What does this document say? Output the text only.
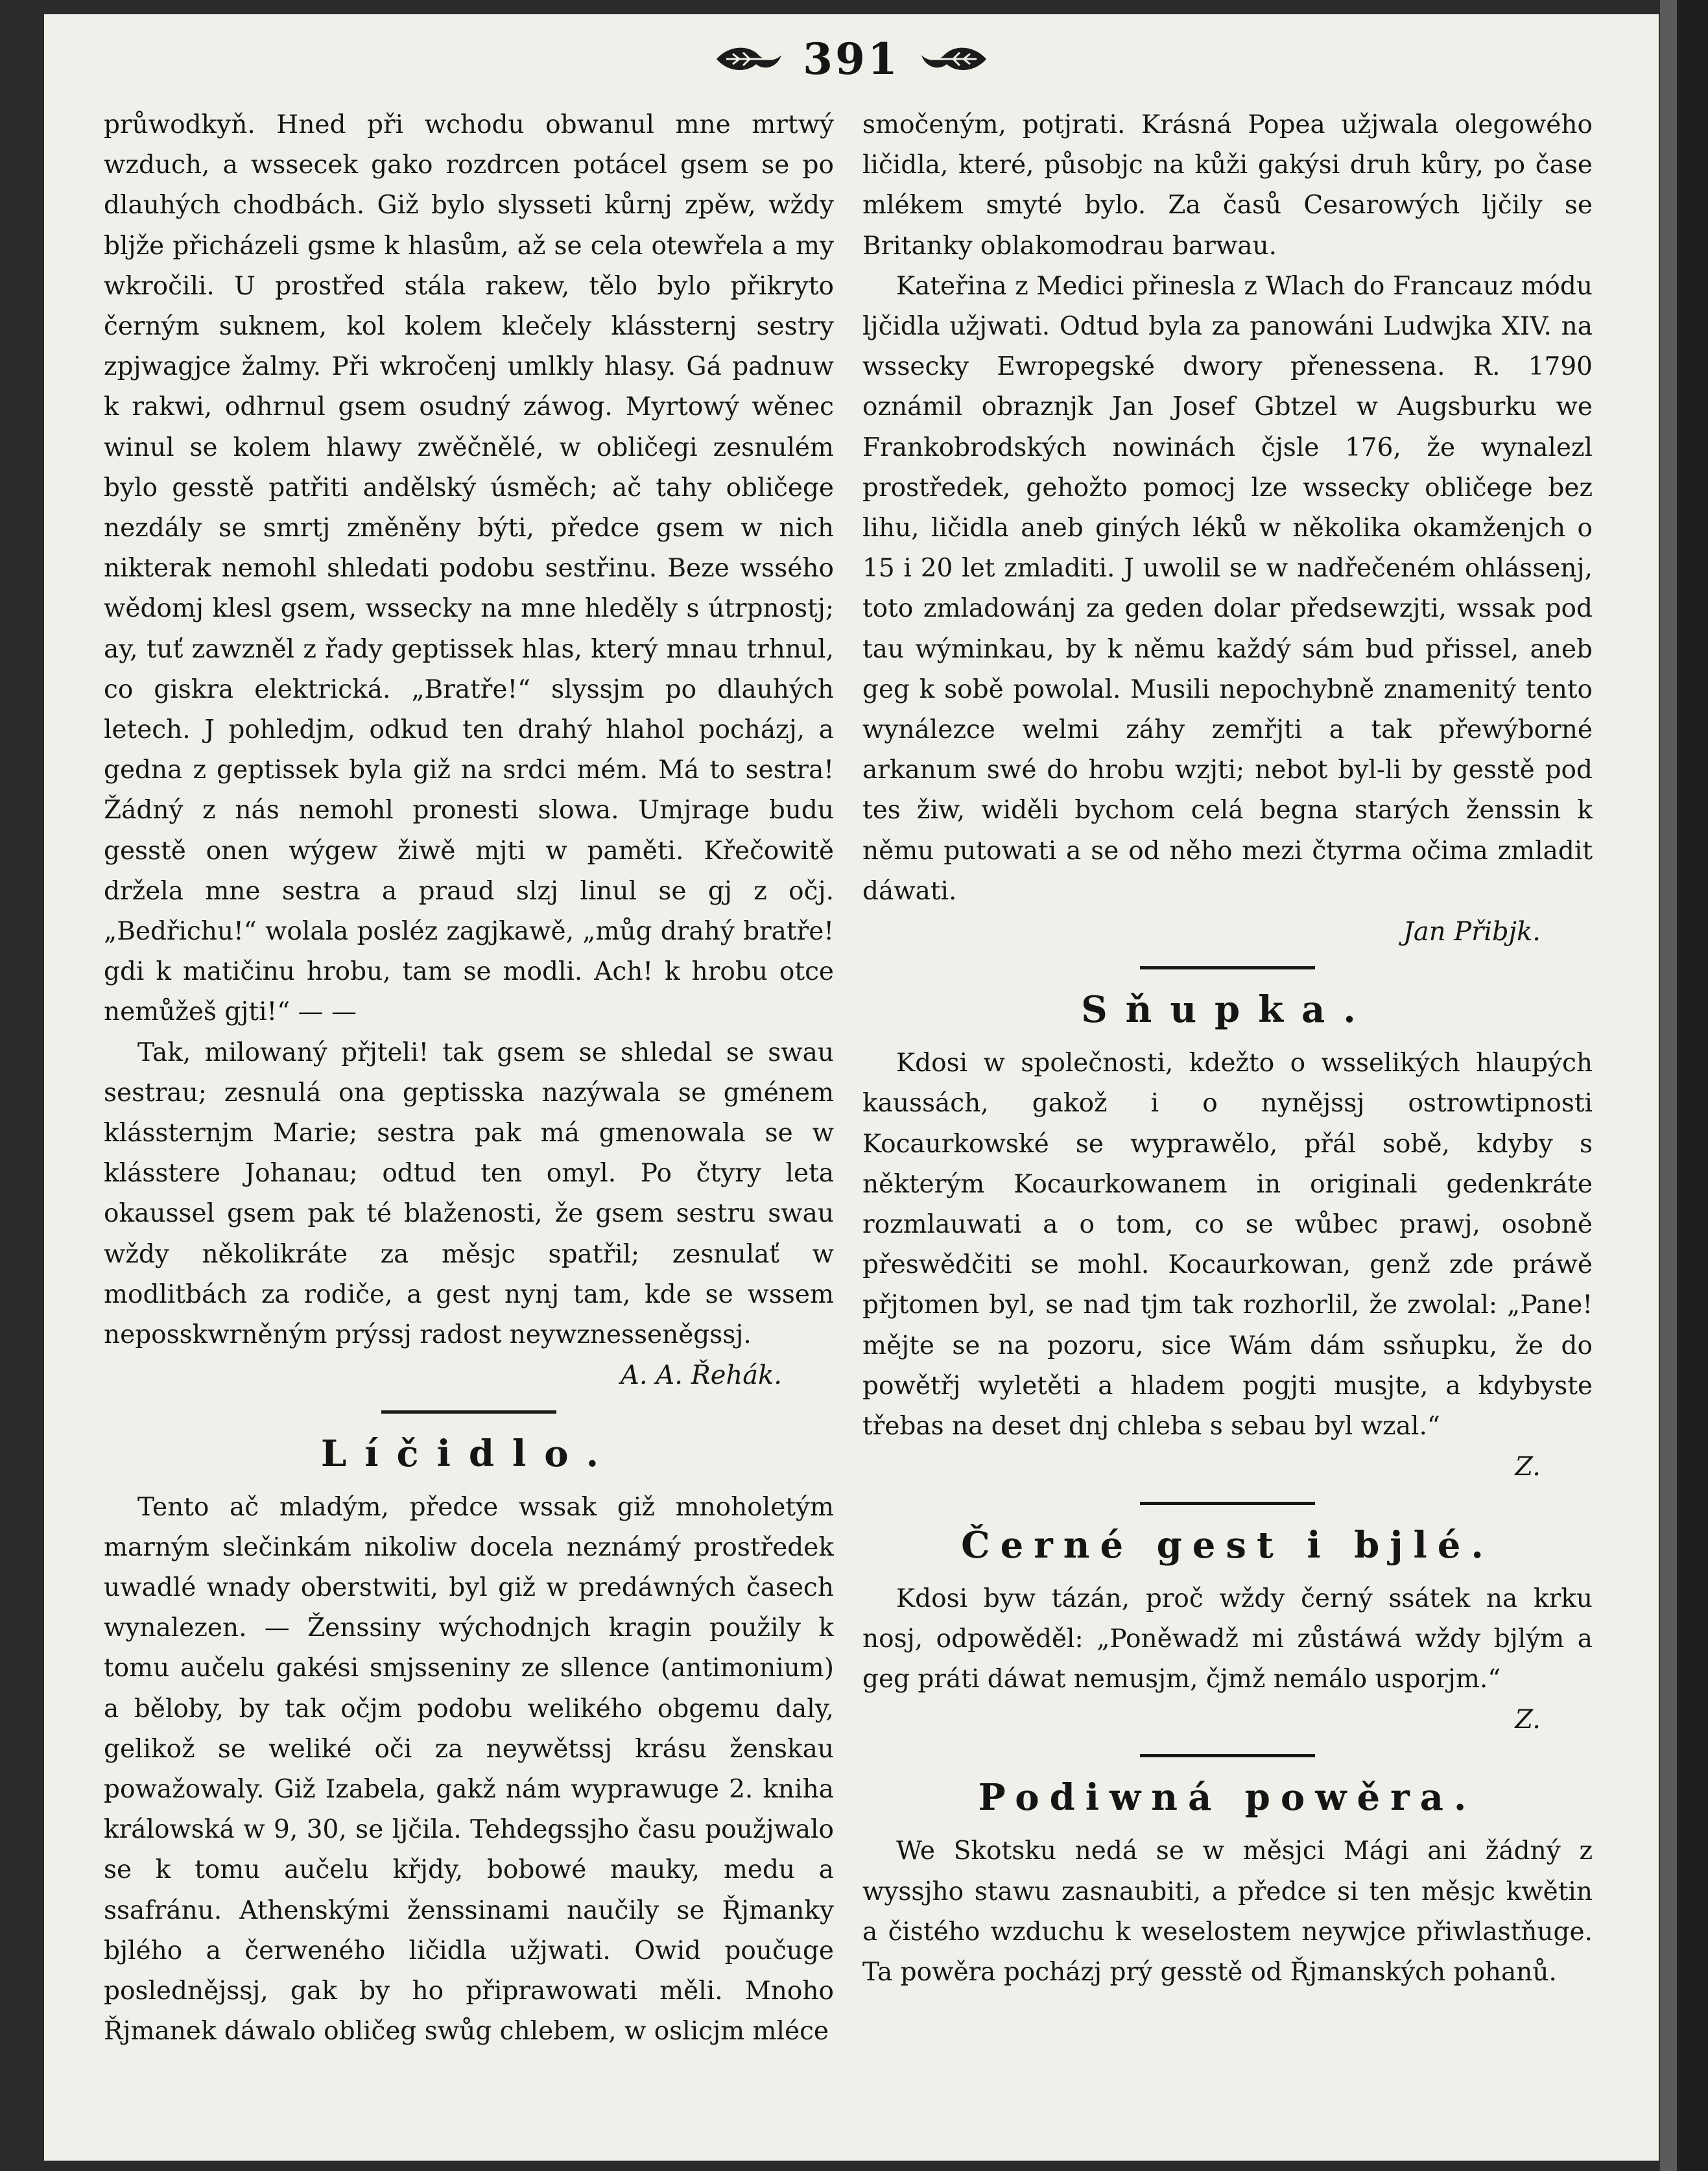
391

průwodkyň. Hned při wchodu obwanul mne mrtwý wzduch, a wssecek gako rozdrcen potácel gsem se po dlauhých chodbách. Giž bylo slysseti kůrnj zpěw, wždy bljže přicházeli gsme k hlasům, až se cela otewřela a my wkročili. U prostřed stála rakew, tělo bylo přikryto černým suknem, kol kolem klečely klássternj sestry zpjwagjce žalmy. Při wkročenj umlkly hlasy. Gá padnuw k rakwi, odhrnul gsem osudný záwog. Myrtowý wěnec winul se kolem hlawy zwěčnělé, w obličegi zesnulém bylo gesstě patřiti andělský úsměch; ač tahy obličege nezdály se smrtj změněny býti, předce gsem w nich nikterak nemohl shledati podobu sestřinu. Beze wssého wědomj klesl gsem, wssecky na mne hleděly s útrpnostj; ay, tuť zawzněl z řady geptissek hlas, který mnau trhnul, co giskra elektrická. „Bratře!“ slyssjm po dlauhých letech. J pohledjm, odkud ten drahý hlahol pocházj, a gedna z geptissek byla giž na srdci mém. Má to sestra! Žádný z nás nemohl pronesti slowa. Umjrage budu gesstě onen wýgew žiwě mjti w paměti. Křečowitě držela mne sestra a praud slzj linul se gj z očj. „Bedřichu!“ wolala posléz zagjkawě, „můg drahý bratře! gdi k matičinu hrobu, tam se modli. Ach! k hrobu otce nemůžeš gjti!“ — —

Tak, milowaný přjteli! tak gsem se shledal se swau sestrau; zesnulá ona geptisska nazýwala se gménem klássternjm Marie; sestra pak má gmenowala se w klásstere Johanau; odtud ten omyl. Po čtyry leta okaussel gsem pak té blaženosti, že gsem sestru swau wždy několikráte za měsjc spatřil; zesnulať w modlitbách za rodiče, a gest nynj tam, kde se wssem neposskwrněným prýssj radost neywznesseněgssj.

A. A. Řehák.

Líčidlo.

Tento ač mladým, předce wssak giž mnoholetým marným slečinkám nikoliw docela neznámý prostředek uwadlé wnady oberstwiti, byl giž w predáwných časech wynalezen. — Ženssiny wýchodnjch kragin použily k tomu aučelu gakési smjsseniny ze sllence (antimonium) a běloby, by tak očjm podobu welikého obgemu daly, gelikož se weliké oči za neywětssj krásu ženskau powažowaly. Giž Izabela, gakž nám wyprawuge 2. kniha králowská w 9, 30, se ljčila. Tehdegssjho času použjwalo se k tomu aučelu křjdy, bobowé mauky, medu a ssafránu. Athenskými ženssinami naučily se Řjmanky bjlého a čerweného ličidla užjwati. Owid poučuge poslednějssj, gak by ho připrawowati měli. Mnoho Řjmanek dáwalo obličeg swůg chlebem, w oslicjm mléce

smočeným, potjrati. Krásná Popea užjwala olegowého ličidla, které, působjc na kůži gakýsi druh kůry, po čase mlékem smyté bylo. Za časů Cesarowých ljčily se Britanky oblakomodrau barwau.

Kateřina z Medici přinesla z Wlach do Francauz módu ljčidla užjwati. Odtud byla za panowáni Ludwjka XIV. na wssecky Ewropegské dwory přenessena. R. 1790 oznámil obraznjk Jan Josef Gbtzel w Augsburku we Frankobrodských nowinách čjsle 176, že wynalezl prostředek, gehožto pomocj lze wssecky obličege bez lihu, ličidla aneb giných léků w několika okamženjch o 15 i 20 let zmladiti. J uwolil se w nadřečeném ohlássenj, toto zmladowánj za geden dolar předsewzjti, wssak pod tau wýminkau, by k němu každý sám bud přissel, aneb geg k sobě powolal. Musili nepochybně znamenitý tento wynálezce welmi záhy zemřjti a tak přewýborné arkanum swé do hrobu wzjti; nebot byl-li by gesstě pod tes žiw, widěli bychom celá begna starých ženssin k němu putowati a se od něho mezi čtyrma očima zmladit dáwati.

Jan Přibjk.

Sňupka.

Kdosi w společnosti, kdežto o wsselikých hlaupých kaussách, gakož i o nynějssj ostrowtipnosti Kocaurkowské se wyprawělo, přál sobě, kdyby s některým Kocaurkowanem in originali gedenkráte rozmlauwati a o tom, co se wůbec prawj, osobně přeswědčiti se mohl. Kocaurkowan, genž zde práwě přjtomen byl, se nad tjm tak rozhorlil, že zwolal: „Pane! mějte se na pozoru, sice Wám dám ssňupku, že do powětřj wyletěti a hladem pogjti musjte, a kdybyste třebas na deset dnj chleba s sebau byl wzal.“

Z.

Černé gest i bjlé.

Kdosi byw tázán, proč wždy černý ssátek na krku nosj, odpowěděl: „Poněwadž mi zůstáwá wždy bjlým a geg práti dáwat nemusjm, čjmž nemálo usporjm.“

Z.

Podiwná powěra.

We Skotsku nedá se w měsjci Mági ani žádný z wyssjho stawu zasnaubiti, a předce si ten měsjc kwětin a čistého wzduchu k weselostem neywjce přiwlastňuge. Ta powěra pocházj prý gesstě od Řjmanských pohanů.
